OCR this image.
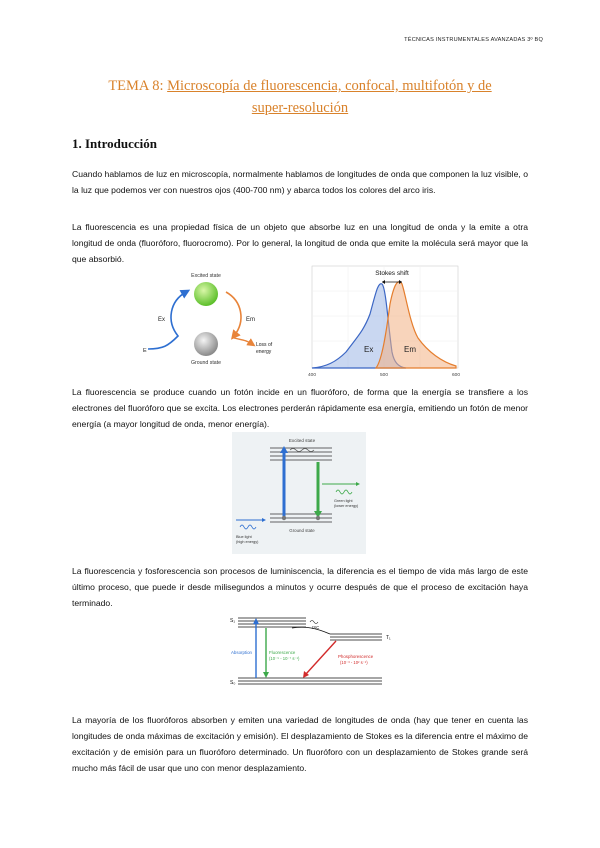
TÉCNICAS INSTRUMENTALES AVANZADAS 3º BQ
TEMA 8: Microscopía de fluorescencia, confocal, multifotón y de
super-resolución
1. Introducción
Cuando hablamos de luz en microscopía, normalmente hablamos de longitudes de onda que componen la luz visible, o la luz que podemos ver con nuestros ojos (400-700 nm) y abarca todos los colores del arco iris.
La fluorescencia es una propiedad física de un objeto que absorbe luz en una longitud de onda y la emite a otra longitud de onda (fluoróforo, fluorocromo). Por lo general, la longitud de onda que emite la molécula será mayor que la que absorbió.
Excited state
Ground state
Ex	Em
E
Loss of
energy
Stokes shift
Ex	Em
400	500	600
La fluorescencia se produce cuando un fotón incide en un fluoróforo, de forma que la energía se transfiere a los electrones del fluoróforo que se excita. Los electrones perderán rápidamente esa energía, emitiendo un fotón de menor energía (a mayor longitud de onda, menor energía).
Excited state
Ground state
Blue light
(high energy)
Green light
(lower energy)
La fluorescencia y fosforescencia son procesos de luminiscencia, la diferencia es el tiempo de vida más largo de este último proceso, que puede ir desde milisegundos a minutos y ocurre después de que el proceso de excitación haya terminado.
S₁
S₀
T₁
Absorption	Fluorescence
(10⁻⁹ - 10⁻⁷ s⁻¹)
ISC
Phosphorescence
(10⁻³ - 10² s⁻¹)
La mayoría de los fluoróforos absorben y emiten una variedad de longitudes de onda (hay que tener en cuenta las longitudes de onda máximas de excitación y emisión). El desplazamiento de Stokes es la diferencia entre el máximo de excitación y de emisión para un fluoróforo determinado. Un fluoróforo con un desplazamiento de Stokes grande será mucho más fácil de usar que uno con menor desplazamiento.
